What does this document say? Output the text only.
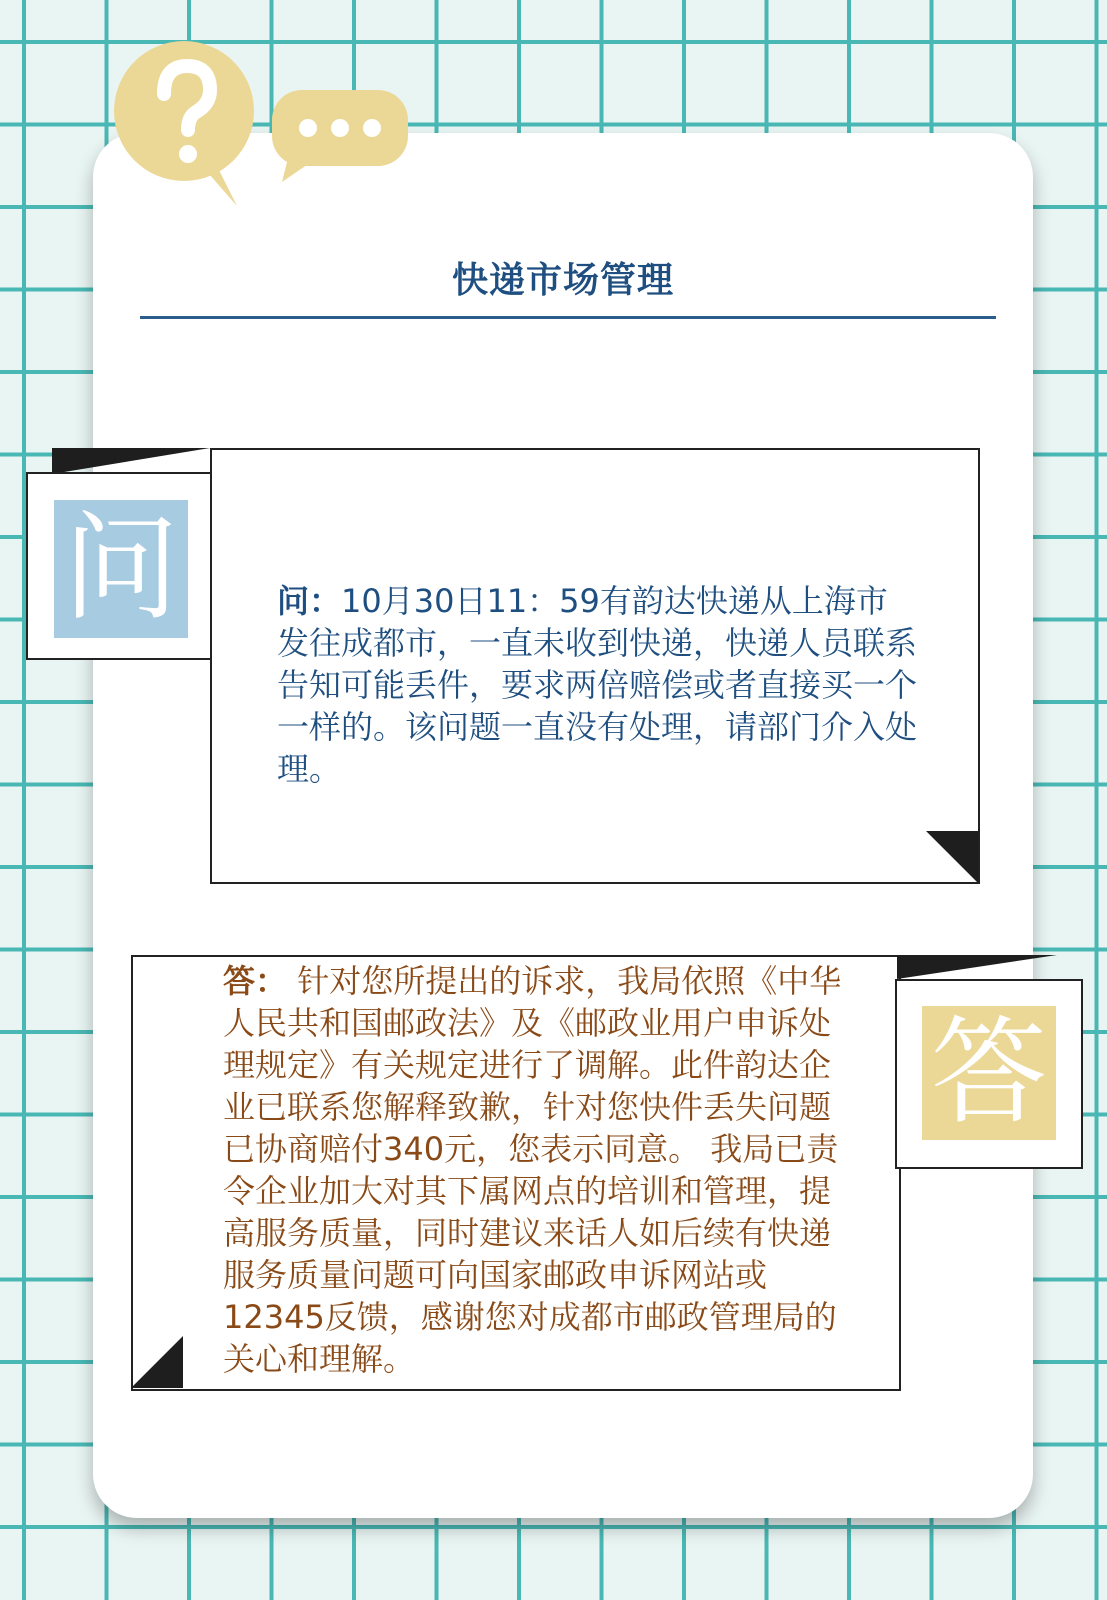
快递市场管理
问	问：10月30日11：59有韵达快递从上海市发往成都市，一直未收到快递，快递人员联系告知可能丢件，要求两倍赔偿或者直接买一个一样的。该问题一直没有处理，请部门介入处理。
答
答： 针对您所提出的诉求，我局依照《中华人民共和国邮政法》及《邮政业用户申诉处理规定》有关规定进行了调解。此件韵达企业已联系您解释致歉，针对您快件丢失问题已协商赔付340元，您表示同意。 我局已责令企业加大对其下属网点的培训和管理，提高服务质量，同时建议来话人如后续有快递服务质量问题可向国家邮政申诉网站或12345反馈，感谢您对成都市邮政管理局的关心和理解。
